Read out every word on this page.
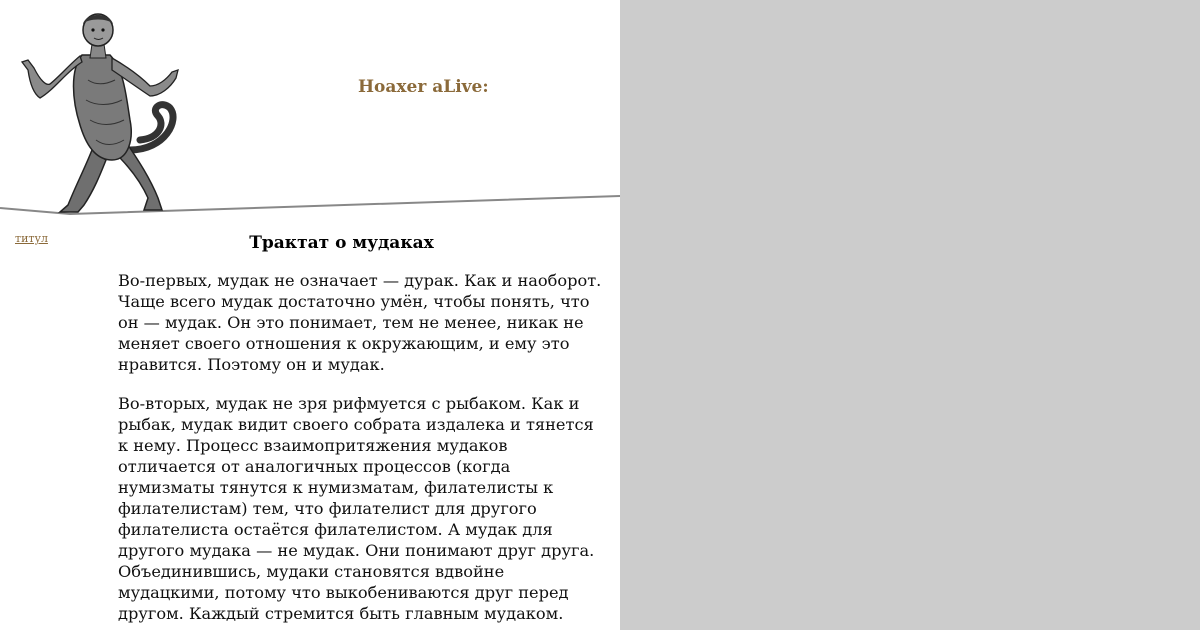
Hoaxer aLive:
титул	Трактат о мудаках

Во-первых, мудак не означает — дурак. Как и наоборот. Чаще всего мудак достаточно умён, чтобы понять, что он — мудак. Он это понимает, тем не менее, никак не меняет своего отношения к окружающим, и ему это нравится. Поэтому он и мудак.

Во-вторых, мудак не зря рифмуется с рыбаком. Как и рыбак, мудак видит своего собрата издалека и тянется к нему. Процесс взаимопритяжения мудаков отличается от аналогичных процессов (когда нумизматы тянутся к нумизматам, филателисты к филателистам) тем, что филателист для другого филателиста остаётся филателистом. А мудак для другого мудака — не мудак. Они понимают друг друга. Объединившись, мудаки становятся вдвойне мудацкими, потому что выкобениваются друг перед другом. Каждый стремится быть главным мудаком.
